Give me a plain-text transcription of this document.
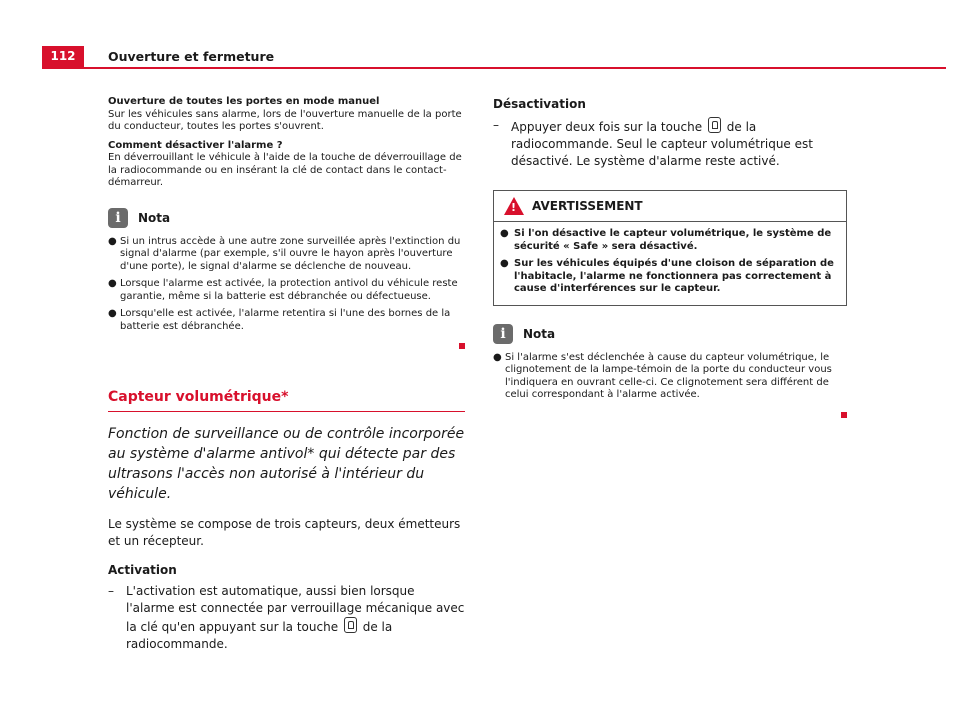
112	Ouverture et fermeture

Ouverture de toutes les portes en mode manuel

Sur les véhicules sans alarme, lors de l'ouverture manuelle de la porte du conducteur, toutes les portes s'ouvrent.

Comment désactiver l'alarme ?

En déverrouillant le véhicule à l'aide de la touche de déverrouillage de la radiocommande ou en insérant la clé de contact dans le contact-démarreur.

i	Nota
● Si un intrus accède à une autre zone surveillée après l'extinction du signal d'alarme (par exemple, s'il ouvre le hayon après l'ouverture d'une porte), le signal d'alarme se déclenche de nouveau.
● Lorsque l'alarme est activée, la protection antivol du véhicule reste garantie, même si la batterie est débranchée ou défectueuse.
● Lorsqu'elle est activée, l'alarme retentira si l'une des bornes de la batterie est débranchée.
Capteur volumétrique*

Fonction de surveillance ou de contrôle incorporée au système d'alarme antivol* qui détecte par des ultrasons l'accès non autorisé à l'intérieur du véhicule.

Le système se compose de trois capteurs, deux émetteurs et un récepteur.

Activation

–	L'activation est automatique, aussi bien lorsque l'alarme est connectée par verrouillage mécanique avec la clé qu'en appuyant sur la touche de la radiocommande.

Désactivation

–	Appuyer deux fois sur la touche de la radiocommande. Seul le capteur volumétrique est désactivé. Le système d'alarme reste activé.
! AVERTISSEMENT
● Si l'on désactive le capteur volumétrique, le système de sécurité « Safe » sera désactivé.
● Sur les véhicules équipés d'une cloison de séparation de l'habitacle, l'alarme ne fonctionnera pas correctement à cause d'interférences sur le capteur.
i	Nota
● Si l'alarme s'est déclenchée à cause du capteur volumétrique, le clignotement de la lampe-témoin de la porte du conducteur vous l'indiquera en ouvrant celle-ci. Ce clignotement sera différent de celui correspondant à l'alarme activée.
